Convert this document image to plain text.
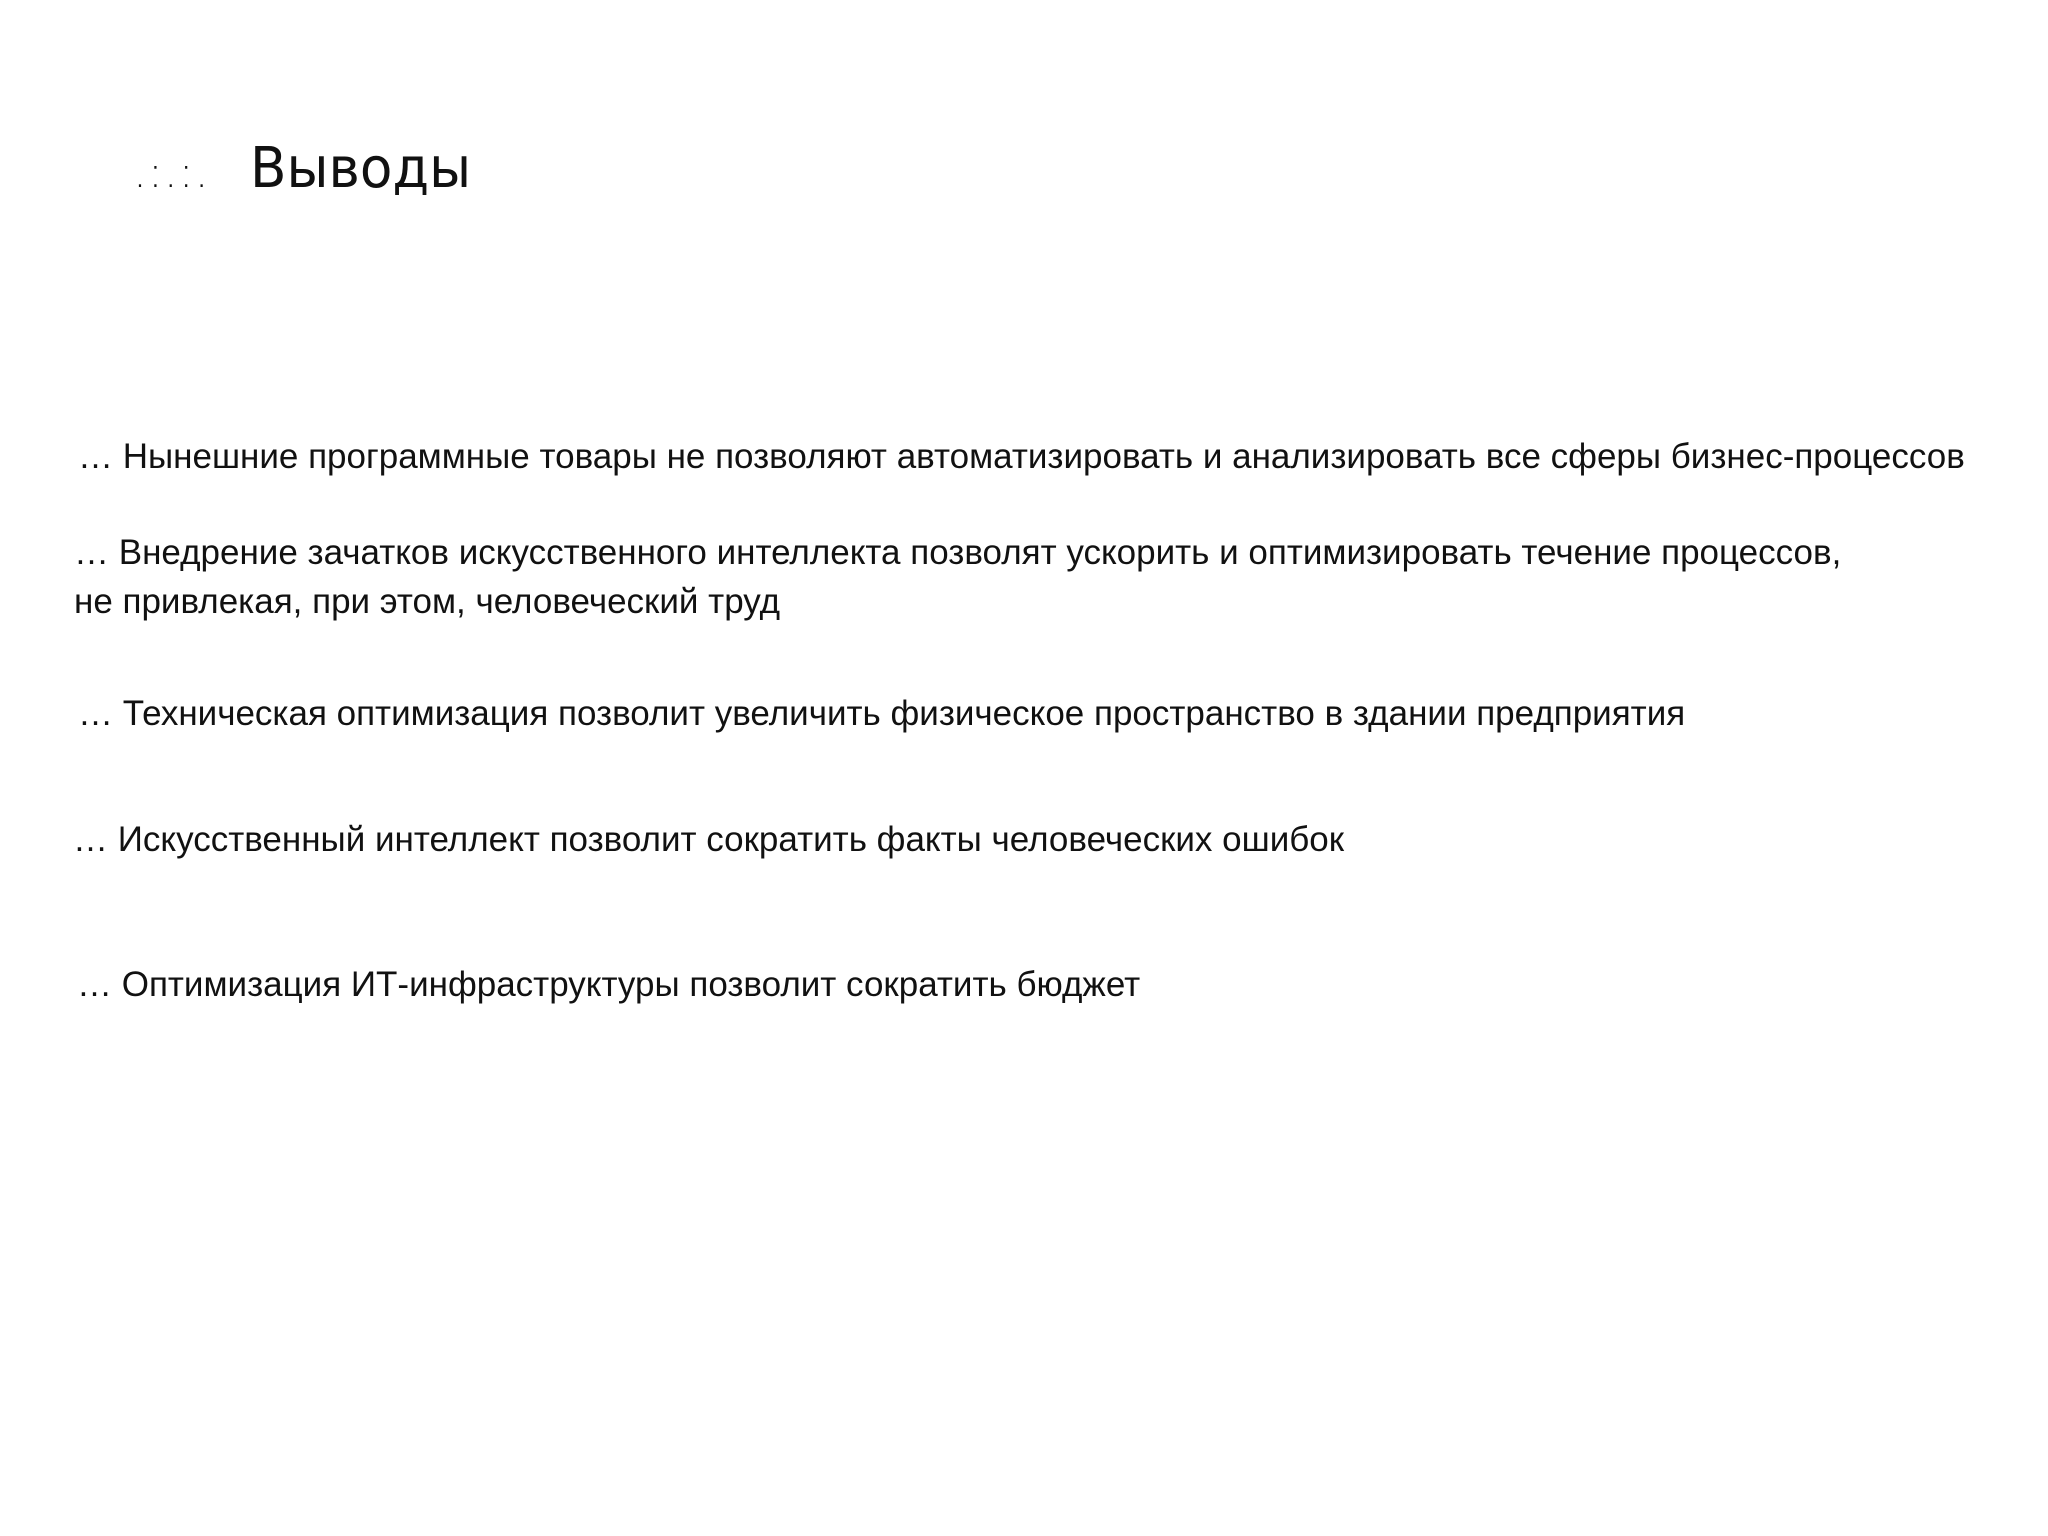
.:.:. Выводы
… Нынешние программные товары не позволяют автоматизировать и анализировать все сферы бизнес-процессов
… Внедрение зачатков искусственного интеллекта позволят ускорить и оптимизировать течение процессов,
не привлекая, при этом, человеческий труд
… Техническая оптимизация позволит увеличить физическое пространство в здании предприятия
… Искусственный интеллект позволит сократить факты человеческих ошибок
… Оптимизация ИТ-инфраструктуры позволит сократить бюджет
